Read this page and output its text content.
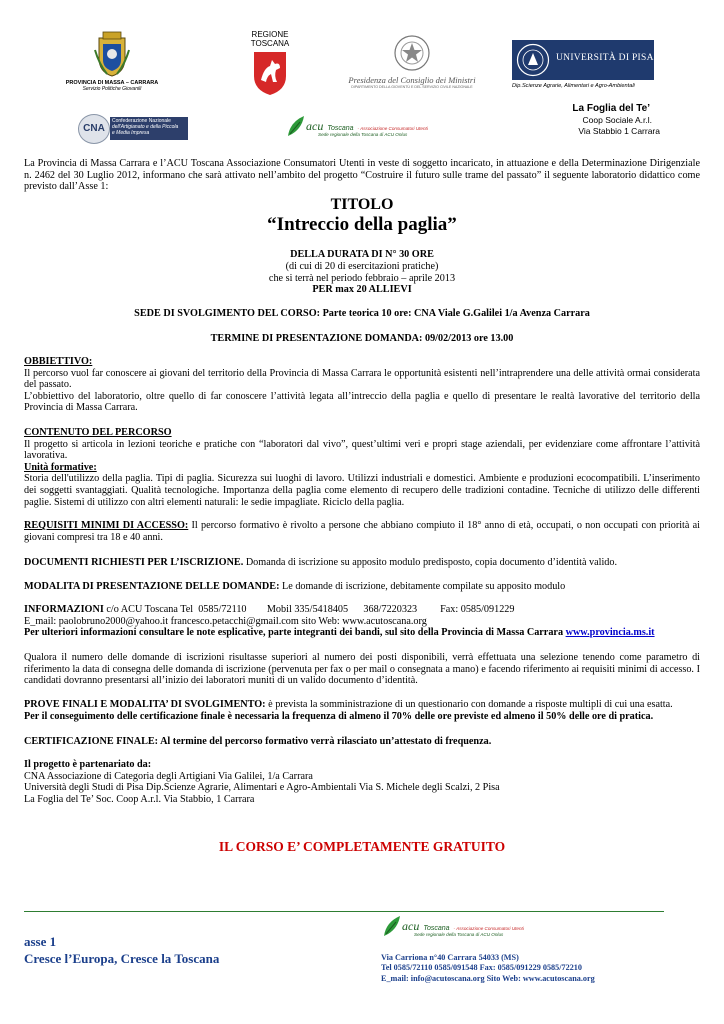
PROVINCIA DI MASSA – CARRARA
Servizio Politiche Giovanili
REGIONE
TOSCANA
Presidenza del Consiglio dei Ministri
DIPARTIMENTO DELLA GIOVENTÙ E DEL SERVIZIO CIVILE NAZIONALE
UNIVERSITÀ DI PISA
Dip.Scienze Agrarie, Alimentari e Agro-Ambientali
CNA
Confederazione Nazionale
dell'Artigianato e della Piccola
e Media Impresa	acu Toscana - Associazione Consumatori Utenti
Sede regionale della Toscana di ACU Onlus
La Foglia del Te’
Coop Sociale A.r.l.
Via Stabbio 1 Carrara
La Provincia di Massa Carrara e l’ACU Toscana Associazione Consumatori Utenti in veste di soggetto incaricato, in attuazione e della Determinazione Dirigenziale n. 2462 del 30 Luglio 2012, informano che sarà attivato nell’ambito del progetto “Costruire il futuro sulle trame del passato” il seguente laboratorio didattico come previsto dall’Asse 1:
TITOLO
“Intreccio della paglia”
DELLA DURATA DI N° 30 ORE
(di cui di 20 di esercitazioni pratiche)
che si terrà nel periodo febbraio – aprile 2013
PER max 20 ALLIEVI
SEDE DI SVOLGIMENTO DEL CORSO: Parte teorica 10 ore: CNA Viale G.Galilei 1/a Avenza Carrara
TERMINE DI PRESENTAZIONE DOMANDA: 09/02/2013 ore 13.00
OBBIETTIVO:
Il percorso vuol far conoscere ai giovani del territorio della Provincia di Massa Carrara le opportunità esistenti nell’intraprendere una delle attività ormai considerata del passato.
L’obbiettivo del laboratorio, oltre quello di far conoscere l’attività legata all’intreccio della paglia e quello di presentare le realtà lavorative del territorio della Provincia di Massa Carrara.
CONTENUTO DEL PERCORSO
Il progetto si articola in lezioni teoriche e pratiche con “laboratori dal vivo”, quest’ultimi veri e propri stage aziendali, per evidenziare come affrontare l’attività lavorativa.
Unità formative:
Storia dell'utilizzo della paglia. Tipi di paglia. Sicurezza sui luoghi di lavoro. Utilizzi industriali e domestici. Ambiente e produzioni ecocompatibili. L’inserimento dei soggetti svantaggiati. Qualità tecnologiche. Importanza della paglia come elemento di recupero delle tradizioni contadine. Tecniche di utilizzo delle differenti paglie. Sistemi di utilizzo con altri elementi naturali: le sedie impagliate. Riciclo della paglia.
REQUISITI MINIMI DI ACCESSO: Il percorso formativo è rivolto a persone che abbiano compiuto il 18° anno di età, occupati, o non occupati con priorità ai giovani compresi tra 18 e 40 anni.
DOCUMENTI RICHIESTI PER L’ISCRIZIONE. Domanda di iscrizione su apposito modulo predisposto, copia documento d’identità valido.
MODALITA DI PRESENTAZIONE DELLE DOMANDE: Le domande di iscrizione, debitamente compilate su apposito modulo
INFORMAZIONI c/o ACU Toscana Tel  0585/72110        Mobil 335/5418405      368/7220323         Fax: 0585/091229
E_mail: paolobruno2000@yahoo.it francesco.petacchi@gmail.com sito Web: www.acutoscana.org
Per ulteriori informazioni consultare le note esplicative, parte integranti dei bandi, sul sito della Provincia di Massa Carrara www.provincia.ms.it
Qualora il numero delle domande di iscrizioni risultasse superiori al numero dei posti disponibili, verrà effettuata una selezione tenendo come parametro di riferimento la data di consegna delle domanda di iscrizione (pervenuta per fax o per mail o consegnata a mano) e facendo riferimento ai requisiti minimi di accesso. I candidati dovranno presentarsi all’inizio dei laboratori muniti di un valido documento d’identità.
PROVE FINALI E MODALITA’ DI SVOLGIMENTO: è prevista la somministrazione di un questionario con domande a risposte multipli di cui una esatta.
Per il conseguimento delle certificazione finale è necessaria la frequenza di almeno il 70% delle ore previste ed almeno il 50% delle ore di pratica.
CERTIFICAZIONE FINALE: Al termine del percorso formativo verrà rilasciato un’attestato di frequenza.
Il progetto è partenariato da:
CNA Associazione di Categoria degli Artigiani Via Galilei, 1/a Carrara
Università degli Studi di Pisa Dip.Scienze Agrarie, Alimentari e Agro-Ambientali Via S. Michele degli Scalzi, 2 Pisa
La Foglia del Te’ Soc. Coop A.r.l. Via Stabbio, 1 Carrara
IL CORSO E’ COMPLETAMENTE GRATUITO
asse 1
Cresce l’Europa, Cresce la Toscana
acu Toscana - Associazione Consumatori Utenti
Sede regionale della Toscana di ACU Onlus
Via Carriona n°40 Carrara 54033 (MS)
Tel 0585/72110 0585/091548 Fax: 0585/091229 0585/72210
E_mail: info@acutoscana.org Sito Web: www.acutoscana.org
